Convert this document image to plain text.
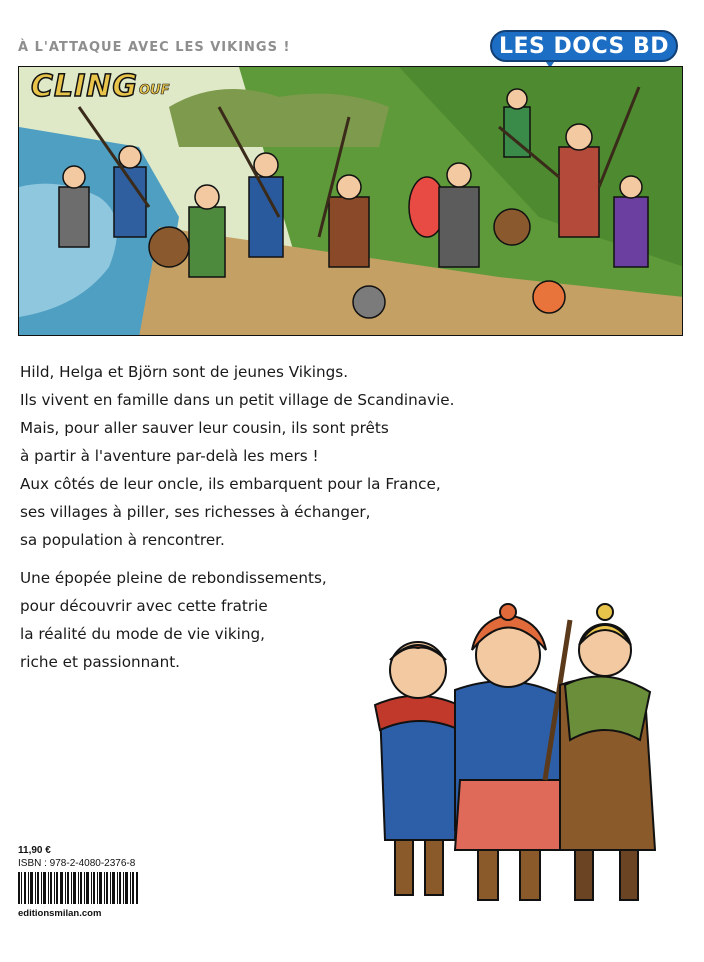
À L'ATTAQUE AVEC LES VIKINGS !	LES DOCS BD
CLING OUF
Hild, Helga et Björn sont de jeunes Vikings.
Ils vivent en famille dans un petit village de Scandinavie.
Mais, pour aller sauver leur cousin, ils sont prêts
à partir à l'aventure par-delà les mers !
Aux côtés de leur oncle, ils embarquent pour la France,
ses villages à piller, ses richesses à échanger,
sa population à rencontrer.
Une épopée pleine de rebondissements,
pour découvrir avec cette fratrie
la réalité du mode de vie viking,
riche et passionnant.
11,90 €
ISBN : 978-2-4080-2376-8
editionsmilan.com
